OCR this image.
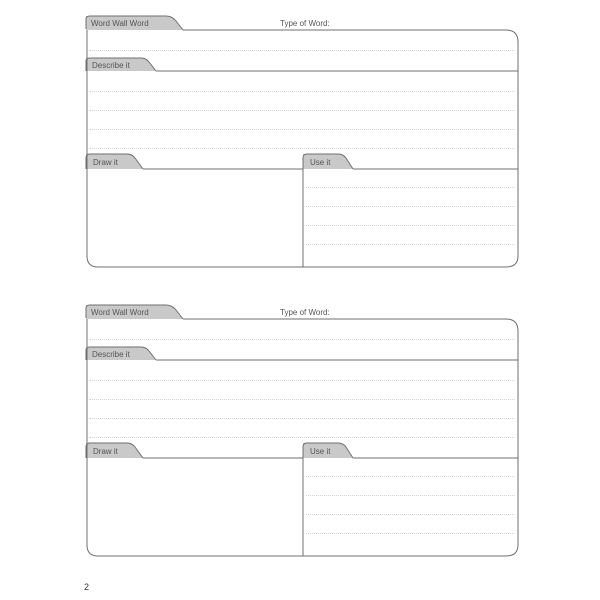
Word Wall Word	Type of Word:
Describe it
Draw it	Use it
Word Wall Word	Type of Word:
Describe it
Draw it	Use it
2
